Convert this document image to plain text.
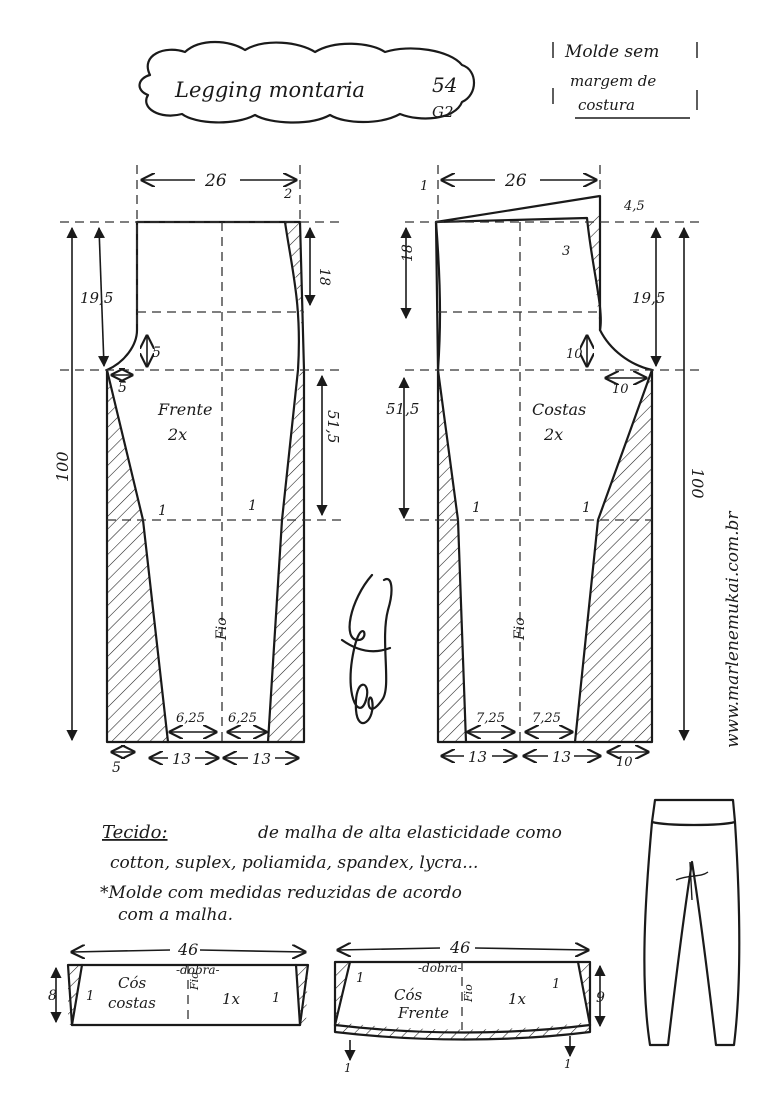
Legging montaria	54
G2
Molde sem
margem de
costura
26
2
100
19,5
5
5
18
51,5
Frente
2x
1	1
Fio
6,25 6,25
5	13	13
26
1
4,5
3
18
51,5
19,5
100
10
10
Costas
2x
1	1
Fio
7,25 7,25
13	13	10
www.marlenemukai.com.br
Tecido:	de malha de alta elasticidade como
cotton, suplex, poliamida, spandex, lycra...
*Molde com medidas reduzidas de acordo
com a malha.
46
8
-dobra-
Cós
costas	1x
Fio
1	1
46
9
-dobra-
Cós
Frente
1x
Fio
1	1
1	1
